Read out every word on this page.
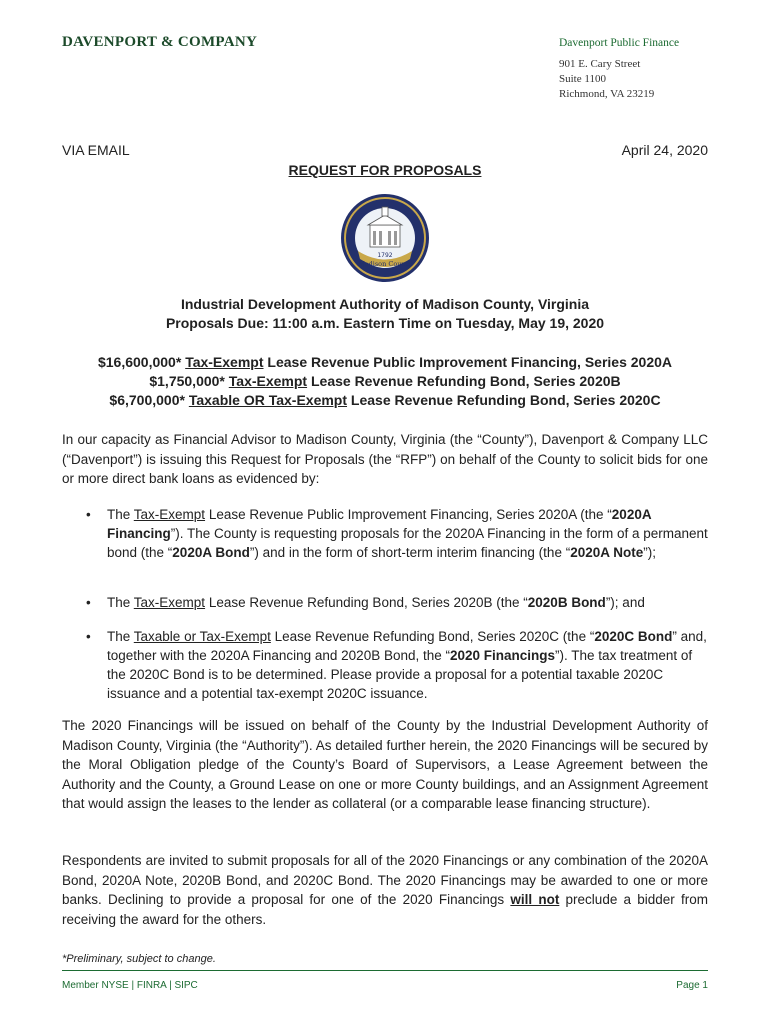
DAVENPORT & COMPANY	Davenport Public Finance
901 E. Cary Street
Suite 1100
Richmond, VA 23219
VIA EMAIL	April 24, 2020
REQUEST FOR PROPOSALS
1792
Madison County
Industrial Development Authority of Madison County, Virginia
Proposals Due: 11:00 a.m. Eastern Time on Tuesday, May 19, 2020
$16,600,000* Tax-Exempt Lease Revenue Public Improvement Financing, Series 2020A
$1,750,000* Tax-Exempt Lease Revenue Refunding Bond, Series 2020B
$6,700,000* Taxable OR Tax-Exempt Lease Revenue Refunding Bond, Series 2020C
In our capacity as Financial Advisor to Madison County, Virginia (the “County”), Davenport & Company LLC (“Davenport”) is issuing this Request for Proposals (the “RFP”) on behalf of the County to solicit bids for one or more direct bank loans as evidenced by:
• The Tax-Exempt Lease Revenue Public Improvement Financing, Series 2020A (the “2020A Financing”). The County is requesting proposals for the 2020A Financing in the form of a permanent bond (the “2020A Bond”) and in the form of short-term interim financing (the “2020A Note”);
• The Tax-Exempt Lease Revenue Refunding Bond, Series 2020B (the “2020B Bond”); and
• The Taxable or Tax-Exempt Lease Revenue Refunding Bond, Series 2020C (the “2020C Bond” and, together with the 2020A Financing and 2020B Bond, the “2020 Financings”). The tax treatment of the 2020C Bond is to be determined. Please provide a proposal for a potential taxable 2020C issuance and a potential tax-exempt 2020C issuance.
The 2020 Financings will be issued on behalf of the County by the Industrial Development Authority of Madison County, Virginia (the “Authority”). As detailed further herein, the 2020 Financings will be secured by the Moral Obligation pledge of the County’s Board of Supervisors, a Lease Agreement between the Authority and the County, a Ground Lease on one or more County buildings, and an Assignment Agreement that would assign the leases to the lender as collateral (or a comparable lease financing structure).
Respondents are invited to submit proposals for all of the 2020 Financings or any combination of the 2020A Bond, 2020A Note, 2020B Bond, and 2020C Bond. The 2020 Financings may be awarded to one or more banks. Declining to provide a proposal for one of the 2020 Financings will not preclude a bidder from receiving the award for the others.
*Preliminary, subject to change.
Member NYSE | FINRA | SIPC	Page 1
